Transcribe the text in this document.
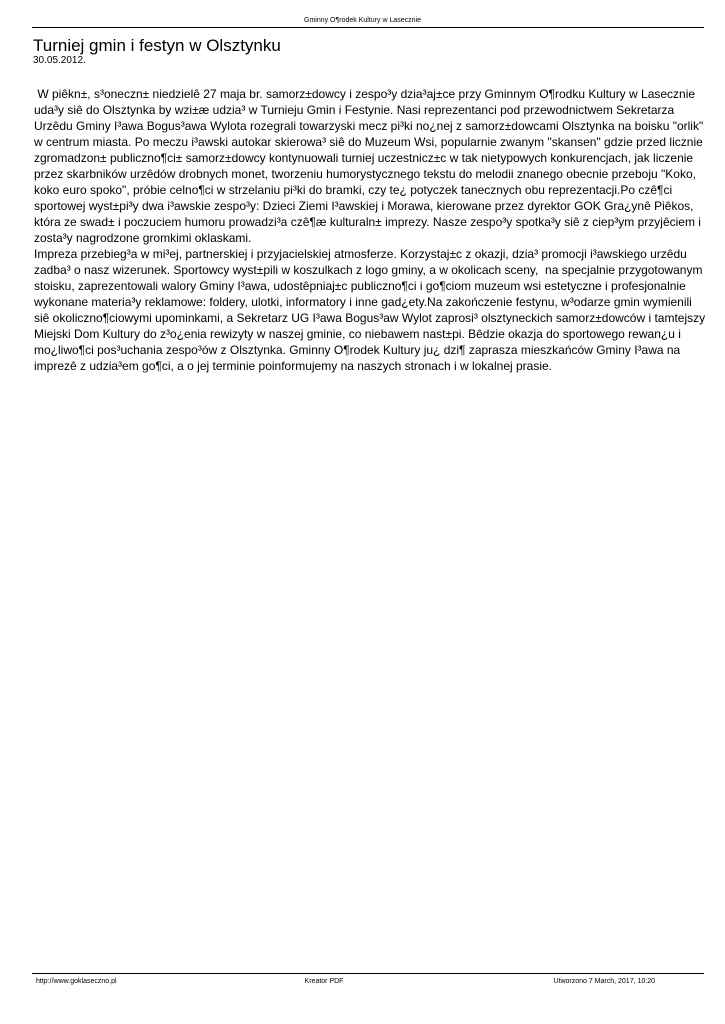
Gminny O¶rodek Kultury w Lasecznie
Turniej gmin i festyn w Olsztynku
30.05.2012.

W piêkn±, s³oneczn± niedzielê 27 maja br. samorz±dowcy i zespo³y dzia³aj±ce przy Gminnym O¶rodku Kultury w Lasecznie uda³y siê do Olsztynka by wzi±æ udzia³ w Turnieju Gmin i Festynie. Nasi reprezentanci pod przewodnictwem Sekretarza Urzêdu Gminy I³awa Bogus³awa Wylota rozegrali towarzyski mecz pi³ki no¿nej z samorz±dowcami Olsztynka na boisku "orlik" w centrum miasta. Po meczu i³awski autokar skierowa³ siê do Muzeum Wsi, popularnie zwanym "skansen" gdzie przed licznie zgromadzon± publiczno¶ci± samorz±dowcy kontynuowali turniej uczestnicz±c w tak nietypowych konkurencjach, jak liczenie przez skarbników urzêdów drobnych monet, tworzeniu humorystycznego tekstu do melodii znanego obecnie przeboju "Koko, koko euro spoko", próbie celno¶ci w strzelaniu pi³ki do bramki, czy te¿ potyczek tanecznych obu reprezentacji.Po czê¶ci sportowej wyst±pi³y dwa i³awskie zespo³y: Dzieci Ziemi I³awskiej i Morawa, kierowane przez dyrektor GOK Gra¿ynê Piêkos, która ze swad± i poczuciem humoru prowadzi³a czê¶æ kulturaln± imprezy. Nasze zespo³y spotka³y siê z ciep³ym przyjêciem i zosta³y nagrodzone gromkimi oklaskami.

Impreza przebieg³a w mi³ej, partnerskiej i przyjacielskiej atmosferze. Korzystaj±c z okazji, dzia³ promocji i³awskiego urzêdu zadba³ o nasz wizerunek. Sportowcy wyst±pili w koszulkach z logo gminy, a w okolicach sceny,  na specjalnie przygotowanym stoisku, zaprezentowali walory Gminy I³awa, udostêpniaj±c publiczno¶ci i go¶ciom muzeum wsi estetyczne i profesjonalnie wykonane materia³y reklamowe: foldery, ulotki, informatory i inne gad¿ety.Na zakończenie festynu, w³odarze gmin wymienili siê okoliczno¶ciowymi upominkami, a Sekretarz UG I³awa Bogus³aw Wylot zaprosi³ olsztyneckich samorz±dowców i tamtejszy Miejski Dom Kultury do z³o¿enia rewizyty w naszej gminie, co niebawem nast±pi. Bêdzie okazja do sportowego rewan¿u i mo¿liwo¶ci pos³uchania zespo³ów z Olsztynka. Gminny O¶rodek Kultury ju¿ dzi¶ zaprasza mieszkańców Gminy I³awa na imprezê z udzia³em go¶ci, a o jej terminie poinformujemy na naszych stronach i w lokalnej prasie.

http://www.goklaseczno.pl	Kreator PDF	Utworzono 7 March, 2017, 10:20
